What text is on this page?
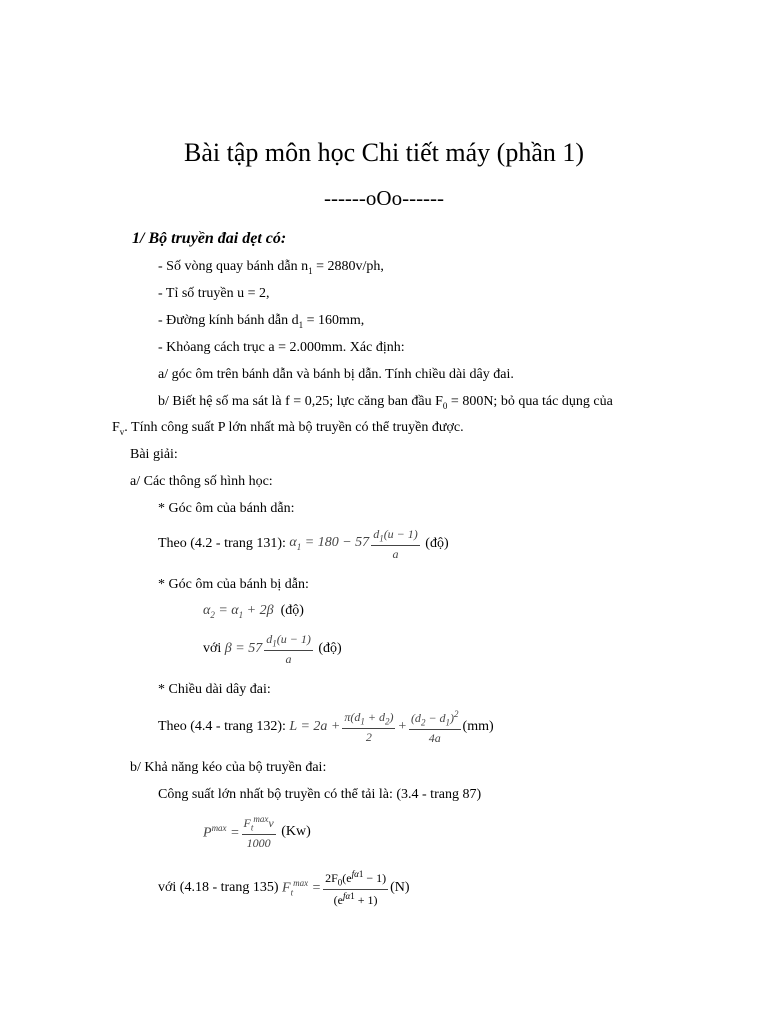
Bài tập môn học Chi tiết máy (phần 1)
------oOo------
1/ Bộ truyền đai dẹt có:
- Số vòng quay bánh dẫn $n_1 = 2880v/ph$,
- Tỉ số truyền u = 2,
- Đường kính bánh dẫn $d_1 = 160mm$,
- Khỏang cách trục a = 2.000mm. Xác định:
a/ góc ôm trên bánh dẫn và bánh bị dẫn. Tính chiều dài dây đai.
b/ Biết hệ số ma sát là f = 0,25; lực căng ban đầu $F_0 = 800N$; bỏ qua tác dụng của
$F_v$. Tính công suất P lớn nhất mà bộ truyền có thể truyền được.
Bài giải:
a/ Các thông số hình học:
* Góc ôm của bánh dẫn:
Theo (4.2 - trang 131):
$\alpha_1 = 180 - 57 \frac{d_1(u - 1)}{a}$
(độ)
* Góc ôm của bánh bị dẫn:
$\alpha_2 = \alpha_1 + 2\beta$ (độ)
với
$\beta = 57 \frac{d_1(u - 1)}{a}$
(độ)
* Chiều dài dây đai:
Theo (4.4 - trang 132):
$L = 2a + \frac{\pi(d_1 + d_2)}{2} + \frac{(d_2 - d_1)^2}{4a} (mm)$
b/ Khả năng kéo của bộ truyền đai:
Công suất lớn nhất bộ truyền có thể tải là: (3.4 - trang 87)
$P^{max} = \frac{F_t^{max}v}{1000}$
(Kw)
với (4.18 - trang 135)
$F_t^{max} = \frac{2F_0(e^{f\alpha 1} - 1)}{(e^{f\alpha 1} + 1)} (N)$
